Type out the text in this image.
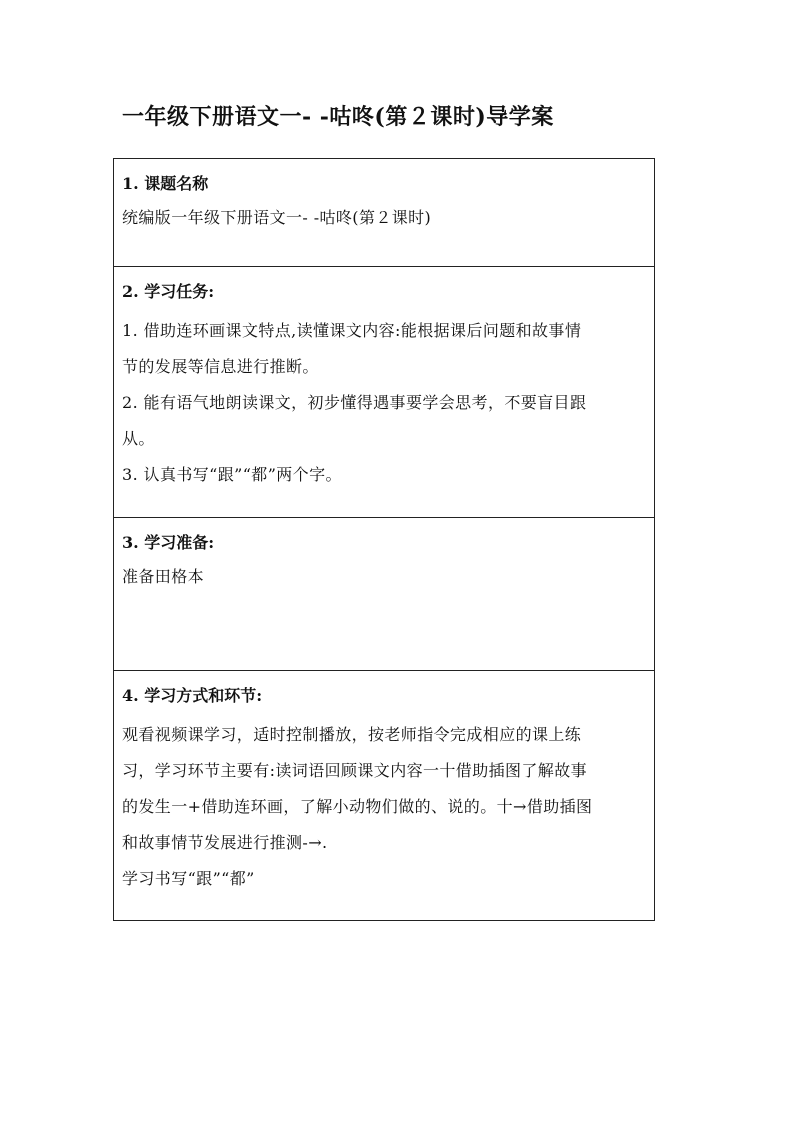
一年级下册语文一- -咕咚(第２课时)导学案
1. 课题名称
统编版一年级下册语文一- -咕咚(第２课时)
2. 学习任务:
1. 借助连环画课文特点,读懂课文内容:能根据课后问题和故事情
节的发展等信息进行推断。
2. 能有语气地朗读课文，初步懂得遇事要学会思考，不要盲目跟
从。
3. 认真书写“跟”“都”两个字。
3. 学习准备:
准备田格本
4. 学习方式和环节:
观看视频课学习，适时控制播放，按老师指令完成相应的课上练
习，学习环节主要有:读词语回顾课文内容一十借助插图了解故事
的发生一+借助连环画，了解小动物们做的、说的。十→借助插图
和故事情节发展进行推测-→.
学习书写“跟”“都”
